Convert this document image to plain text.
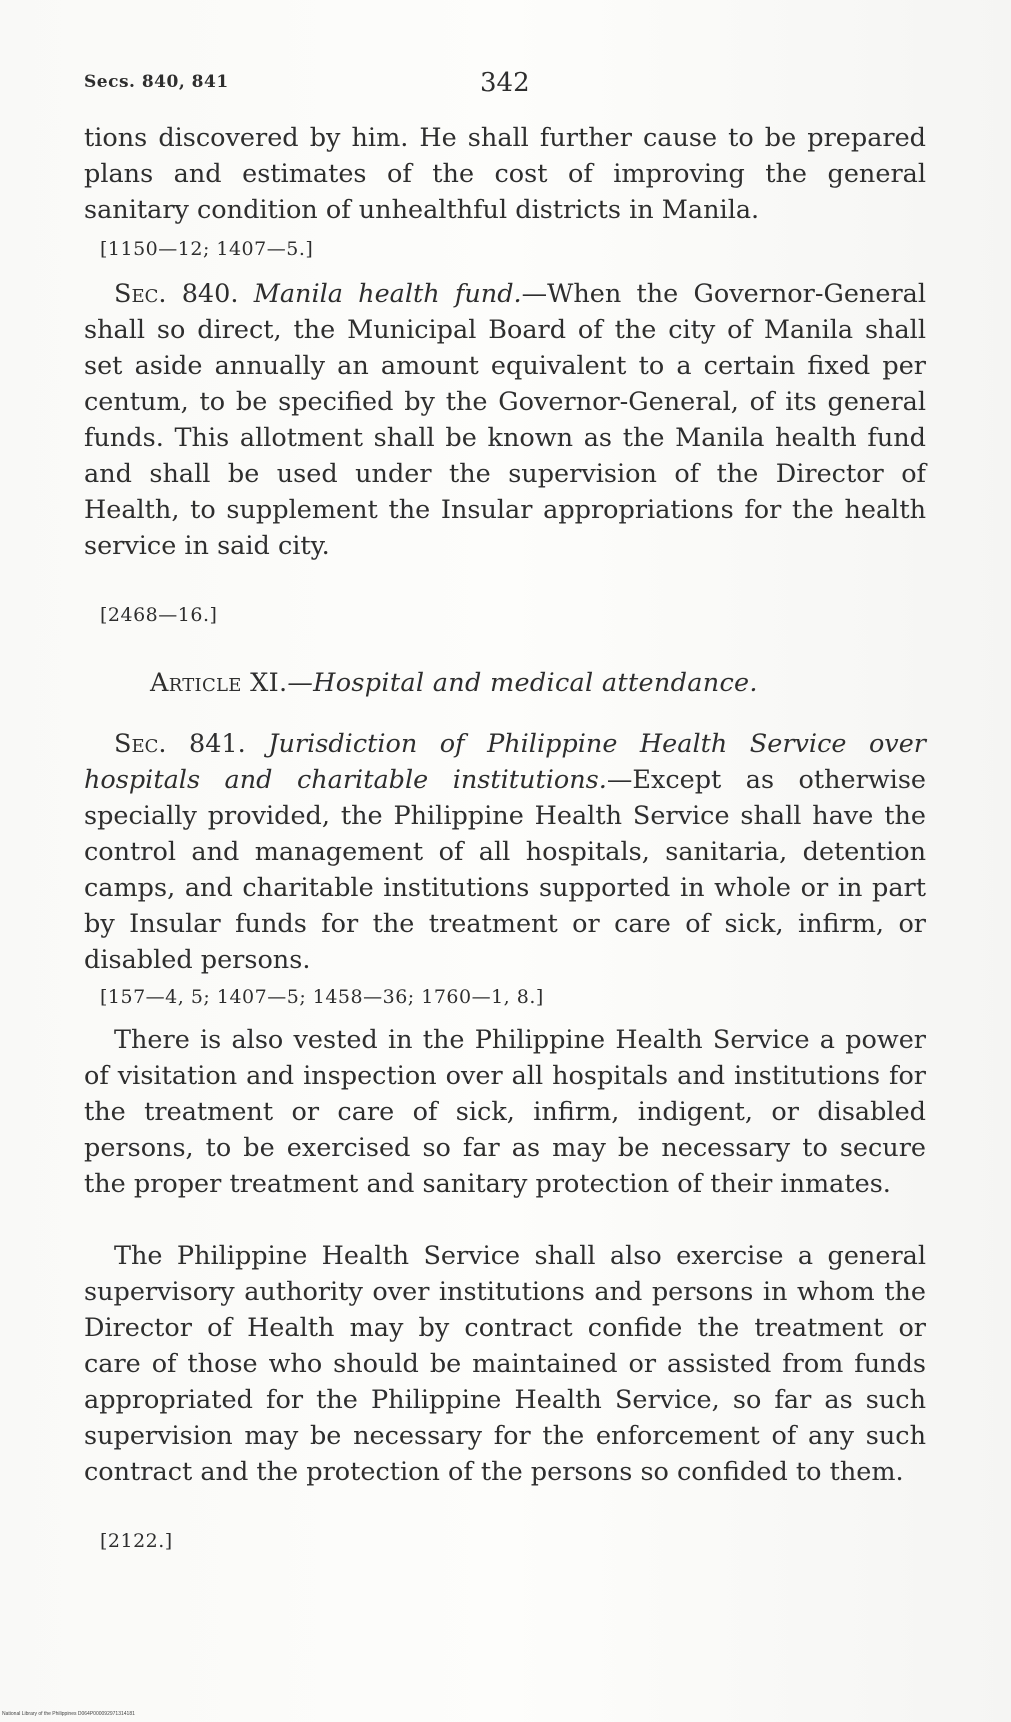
Secs. 840, 841	342

tions discovered by him. He shall further cause to be prepared plans and estimates of the cost of improving the general sanitary condition of unhealthful districts in Manila.

[1150—12; 1407—5.]

Sec. 840. Manila health fund.—When the Governor-General shall so direct, the Municipal Board of the city of Manila shall set aside annually an amount equivalent to a certain fixed per centum, to be specified by the Governor-General, of its general funds. This allotment shall be known as the Manila health fund and shall be used under the supervision of the Director of Health, to supplement the Insular appropriations for the health service in said city.

[2468—16.]

Article XI.—Hospital and medical attendance.

Sec. 841. Jurisdiction of Philippine Health Service over hospitals and charitable institutions.—Except as otherwise specially provided, the Philippine Health Service shall have the control and management of all hospitals, sanitaria, detention camps, and charitable institutions supported in whole or in part by Insular funds for the treatment or care of sick, infirm, or disabled persons.

[157—4, 5; 1407—5; 1458—36; 1760—1, 8.]

There is also vested in the Philippine Health Service a power of visitation and inspection over all hospitals and institutions for the treatment or care of sick, infirm, indigent, or disabled persons, to be exercised so far as may be necessary to secure the proper treatment and sanitary protection of their inmates.

The Philippine Health Service shall also exercise a general supervisory authority over institutions and persons in whom the Director of Health may by contract confide the treatment or care of those who should be maintained or assisted from funds appropriated for the Philippine Health Service, so far as such supervision may be necessary for the enforcement of any such contract and the protection of the persons so confided to them.

[2122.]

National Library of the Philippines D064P000092971314181
